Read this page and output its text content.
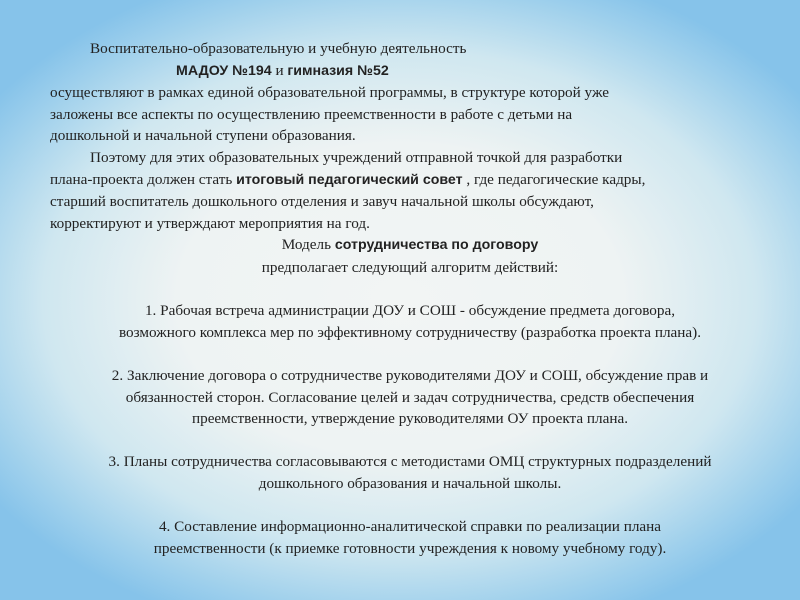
Воспитательно-образовательную и учебную деятельность
МАДОУ №194 и гимназия №52
осуществляют в рамках единой образовательной программы, в структуре которой уже
заложены все аспекты по осуществлению преемственности в работе с детьми на
дошкольной и начальной ступени образования.
Поэтому для этих образовательных учреждений отправной точкой для разработки
плана-проекта должен стать итоговый педагогический совет , где педагогические кадры,
старший воспитатель дошкольного отделения и завуч начальной школы обсуждают,
корректируют и утверждают мероприятия на год.
Модель сотрудничества по договору
предполагает следующий алгоритм действий:
1. Рабочая встреча администрации ДОУ и СОШ - обсуждение предмета договора,
возможного комплекса мер по эффективному сотрудничеству (разработка проекта плана).
2. Заключение договора о сотрудничестве руководителями ДОУ и СОШ, обсуждение прав и
обязанностей сторон. Согласование целей и задач сотрудничества, средств обеспечения
преемственности, утверждение руководителями ОУ проекта плана.
3. Планы сотрудничества согласовываются с методистами ОМЦ структурных подразделений
дошкольного образования и начальной школы.
4. Составление информационно-аналитической справки по реализации плана
преемственности (к приемке готовности учреждения к новому учебному году).
